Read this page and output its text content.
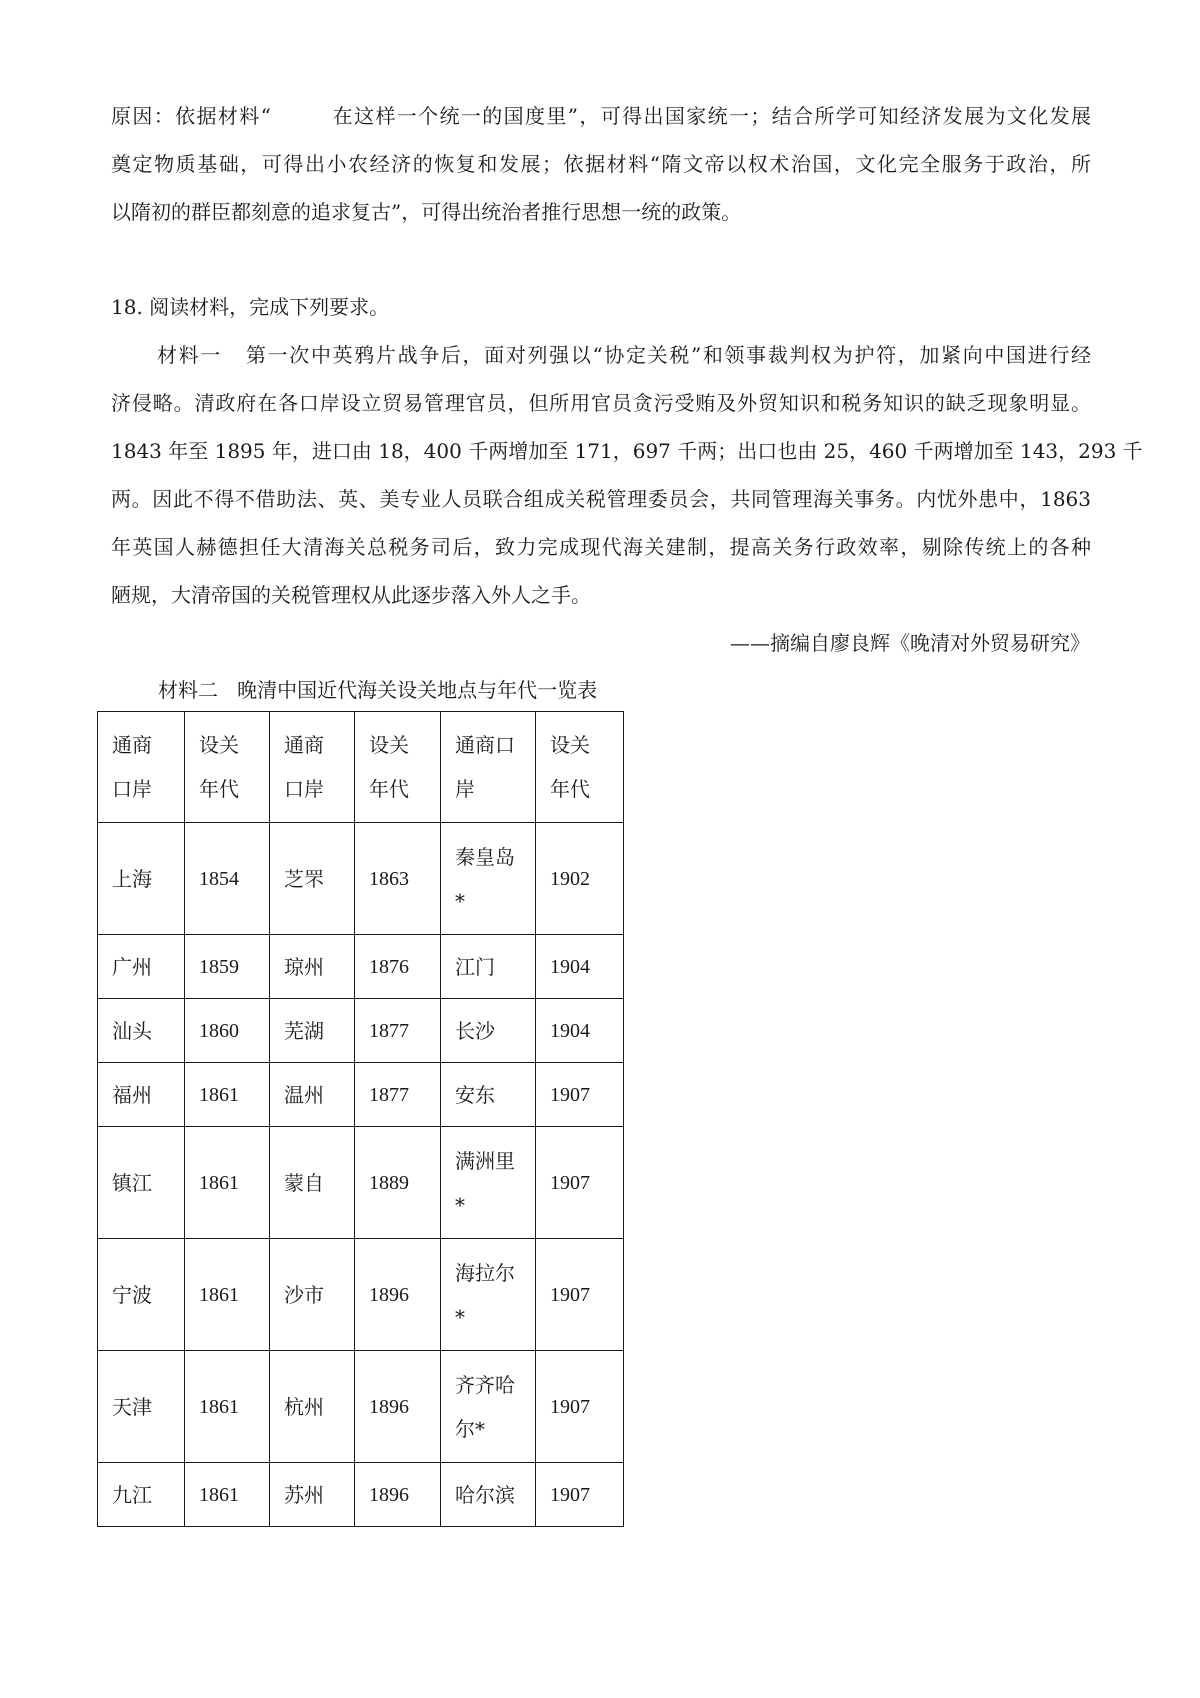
原因：依据材料“        在这样一个统一的国度里”，可得出国家统一；结合所学可知经济发展为文化发展
奠定物质基础，可得出小农经济的恢复和发展；依据材料“隋文帝以权术治国，文化完全服务于政治，所
以隋初的群臣都刻意的追求复古”，可得出统治者推行思想一统的政策。
18. 阅读材料，完成下列要求。
材料一   第一次中英鸦片战争后，面对列强以“协定关税”和领事裁判权为护符，加紧向中国进行经
济侵略。清政府在各口岸设立贸易管理官员，但所用官员贪污受贿及外贸知识和税务知识的缺乏现象明显。
1843 年至 1895 年，进口由 18，400 千两增加至 171，697 千两；出口也由 25，460 千两增加至 143，293 千
两。因此不得不借助法、英、美专业人员联合组成关税管理委员会，共同管理海关事务。内忧外患中，1863
年英国人赫德担任大清海关总税务司后，致力完成现代海关建制，提高关务行政效率，剔除传统上的各种
陋规，大清帝国的关税管理权从此逐步落入外人之手。

——摘编自廖良辉《晚清对外贸易研究》

材料二   晚清中国近代海关设关地点与年代一览表

通商
口岸	设关
年代	通商
口岸	设关
年代	通商口
岸	设关
年代

上海	1854	芝罘	1863	秦皇岛
*	1902

广州	1859	琼州	1876	江门	1904

汕头	1860	芜湖	1877	长沙	1904

福州	1861	温州	1877	安东	1907

镇江	1861	蒙自	1889	满洲里
*	1907

宁波	1861	沙市	1896	海拉尔
*	1907

天津	1861	杭州	1896	齐齐哈
尔*	1907

九江	1861	苏州	1896	哈尔滨	1907
